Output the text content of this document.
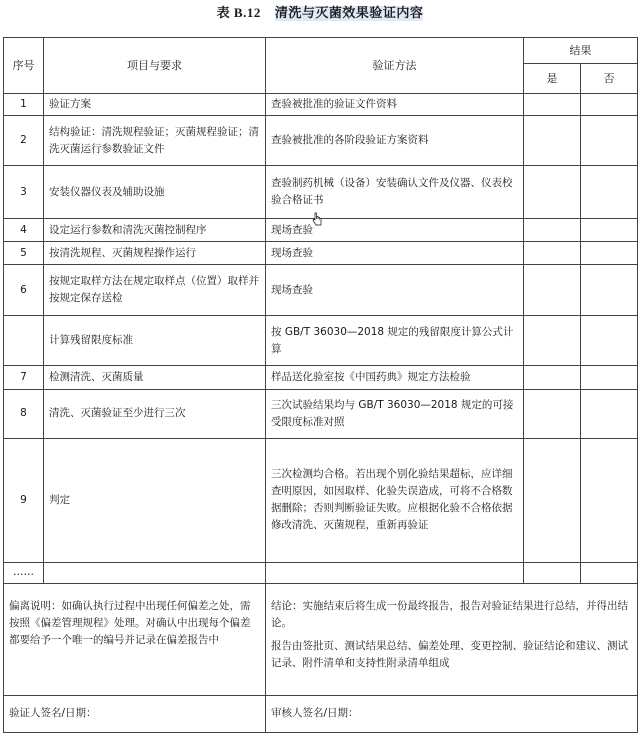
表 B.12 清洗与灭菌效果验证内容
序号	项目与要求	验证方法	结果	
			是	否
1	验证方案	查验被批准的验证文件资料		
2	结构验证：清洗规程验证；灭菌规程验证；清洗灭菌运行参数验证文件	查验被批准的各阶段验证方案资料		
3	安装仪器仪表及辅助设施	查验制药机械（设备）安装确认文件及仪器、仪表校验合格证书		
4	设定运行参数和清洗灭菌控制程序	现场查验		
5	按清洗规程、灭菌规程操作运行	现场查验		
6	按规定取样方法在规定取样点（位置）取样并按规定保存送检	现场查验		
	计算残留限度标准	按 GB/T 36030—2018 规定的残留限度计算公式计算		
7	检测清洗、灭菌质量	样品送化验室按《中国药典》规定方法检验		
8	清洗、灭菌验证至少进行三次	三次试验结果均与 GB/T 36030—2018 规定的可接受限度标准对照		
9	判定	三次检测均合格。若出现个别化验结果超标，应详细查明原因，如因取样、化验失误造成，可将不合格数据删除；否则判断验证失败。应根据化验不合格依据修改清洗、灭菌规程，重新再验证		
……				
偏离说明：如确认执行过程中出现任何偏差之处，需按照《偏差管理规程》处理。对确认中出现每个偏差都要给予一个唯一的编号并记录在偏差报告中		结论：实施结束后将生成一份最终报告，报告对验证结果进行总结，并得出结论。
报告由签批页、测试结果总结、偏差处理、变更控制、验证结论和建议、测试记录、附件清单和支持性附录清单组成		

验证人签名/日期：		审核人签名/日期：		
